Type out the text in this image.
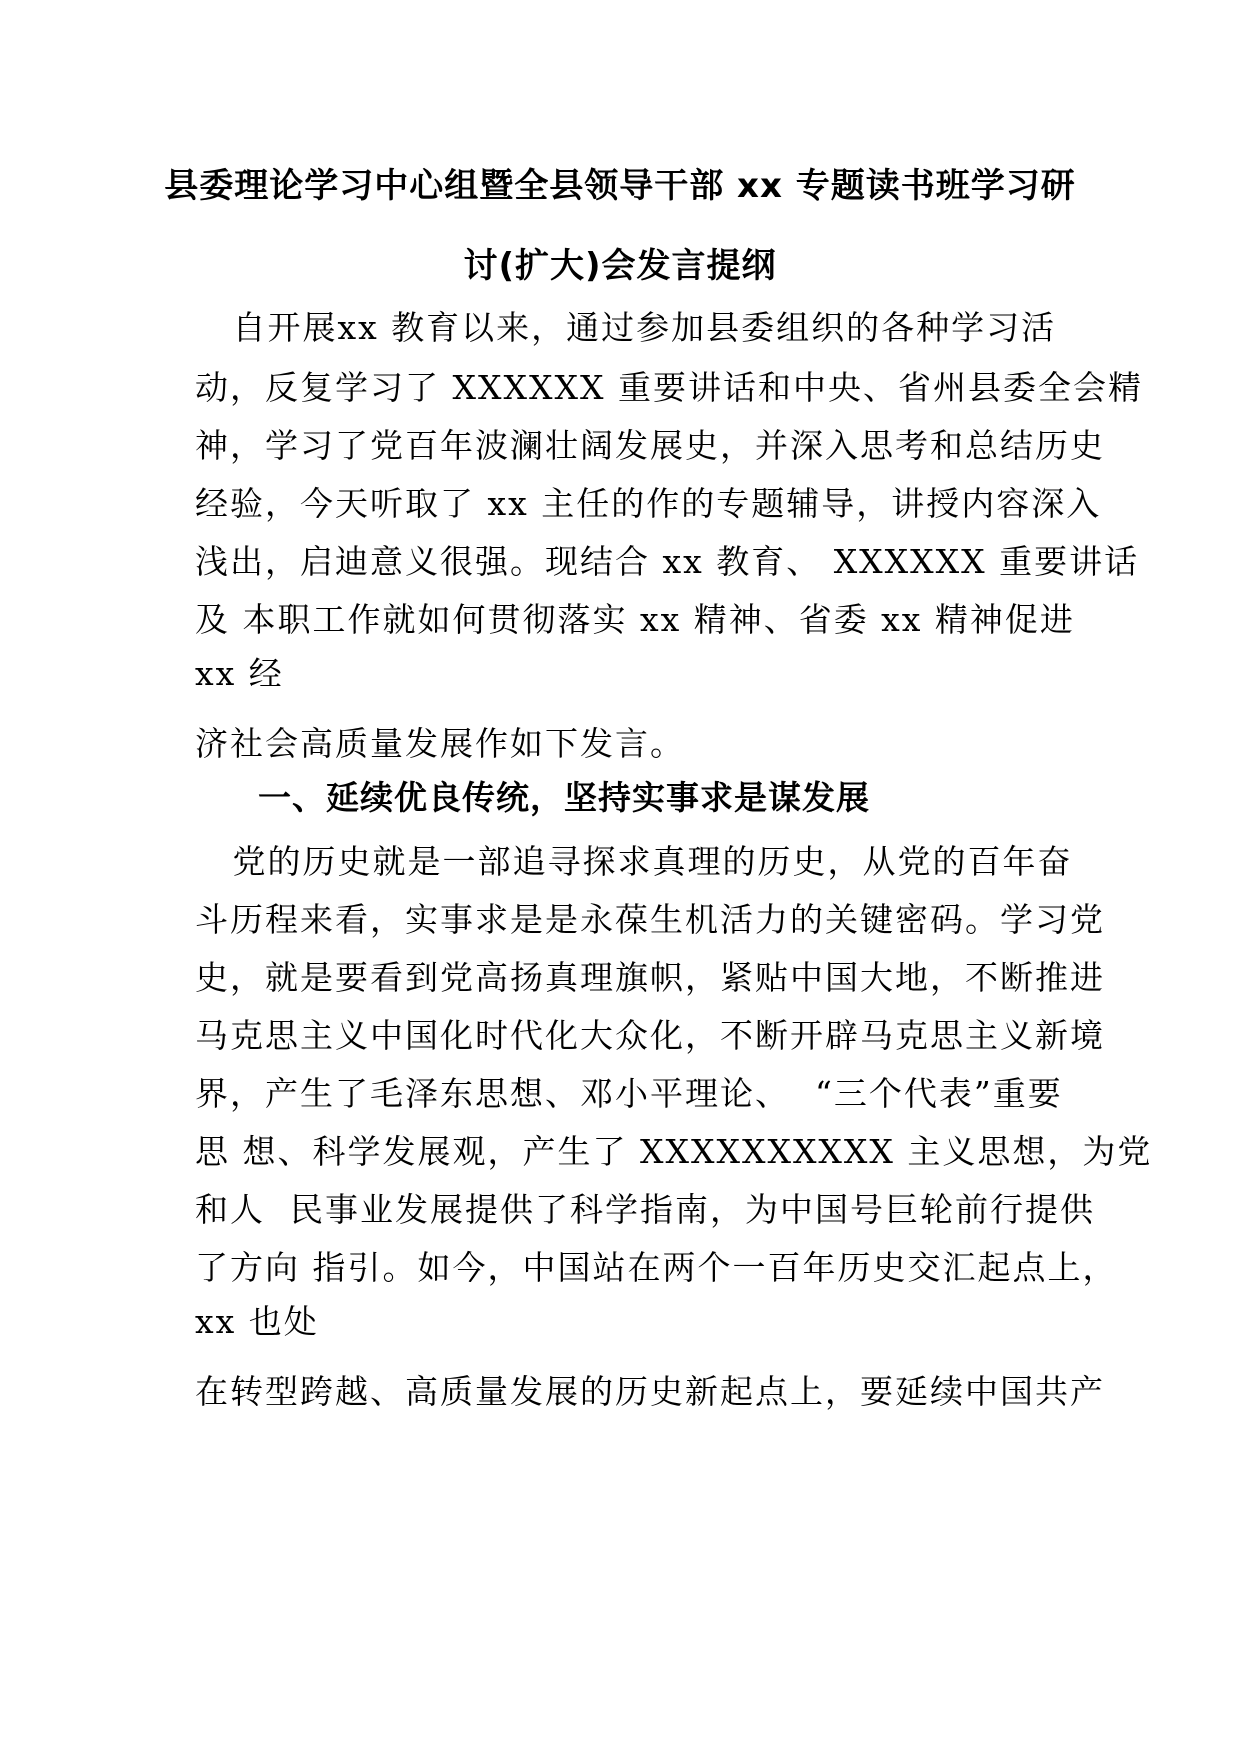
县委理论学习中心组暨全县领导干部 xx 专题读书班学习研
讨(扩大)会发言提纲
自开展xx 教育以来，通过参加县委组织的各种学习活
动，反复学习了 XXXXXX 重要讲话和中央、省州县委全会精
神，学习了党百年波澜壮阔发展史，并深入思考和总结历史
经验，今天听取了 xx 主任的作的专题辅导，讲授内容深入
浅出，启迪意义很强。现结合 xx 教育、 XXXXXX 重要讲话
及 本职工作就如何贯彻落实 xx 精神、省委 xx 精神促进
xx 经
济社会高质量发展作如下发言。
一、延续优良传统，坚持实事求是谋发展
党的历史就是一部追寻探求真理的历史，从党的百年奋
斗历程来看，实事求是是永葆生机活力的关键密码。学习党
史，就是要看到党高扬真理旗帜，紧贴中国大地，不断推进
马克思主义中国化时代化大众化，不断开辟马克思主义新境
界，产生了毛泽东思想、邓小平理论、  “三个代表”重要
思 想、科学发展观，产生了 XXXXXXXXXX 主义思想，为党
和人  民事业发展提供了科学指南，为中国号巨轮前行提供
了方向 指引。如今，中国站在两个一百年历史交汇起点上，
xx 也处
在转型跨越、高质量发展的历史新起点上，要延续中国共产
